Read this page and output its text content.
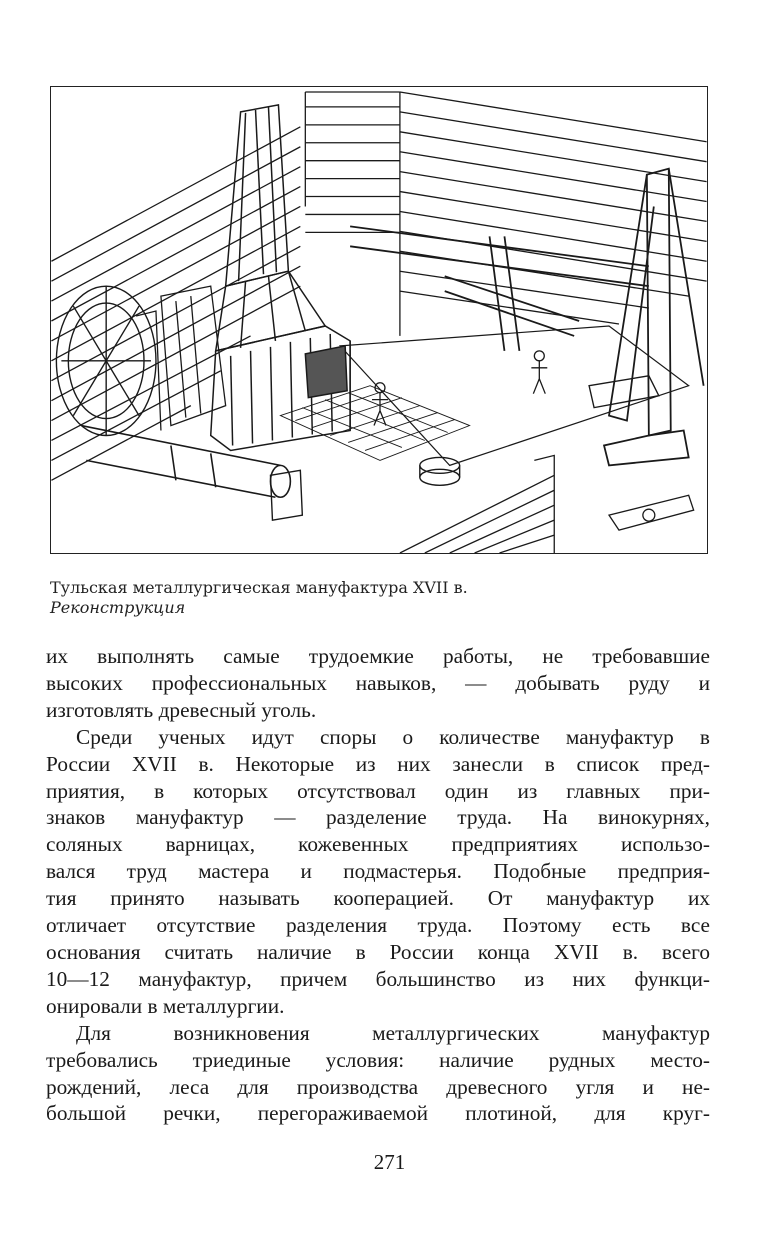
Тульская металлургическая мануфактура XVII в.
Реконструкция
их выполнять самые трудоемкие работы, не требовавшие
высоких профессиональных навыков, — добывать руду и
изготовлять древесный уголь.
Среди ученых идут споры о количестве мануфактур в
России XVII в. Некоторые из них занесли в список пред-
приятия, в которых отсутствовал один из главных при-
знаков мануфактур — разделение труда. На винокурнях,
соляных варницах, кожевенных предприятиях использо-
вался труд мастера и подмастерья. Подобные предприя-
тия принято называть кооперацией. От мануфактур их
отличает отсутствие разделения труда. Поэтому есть все
основания считать наличие в России конца XVII в. всего
10—12 мануфактур, причем большинство из них функци-
онировали в металлургии.
Для возникновения металлургических мануфактур
требовались триединые условия: наличие рудных место-
рождений, леса для производства древесного угля и не-
большой речки, перегораживаемой плотиной, для круг-
271
